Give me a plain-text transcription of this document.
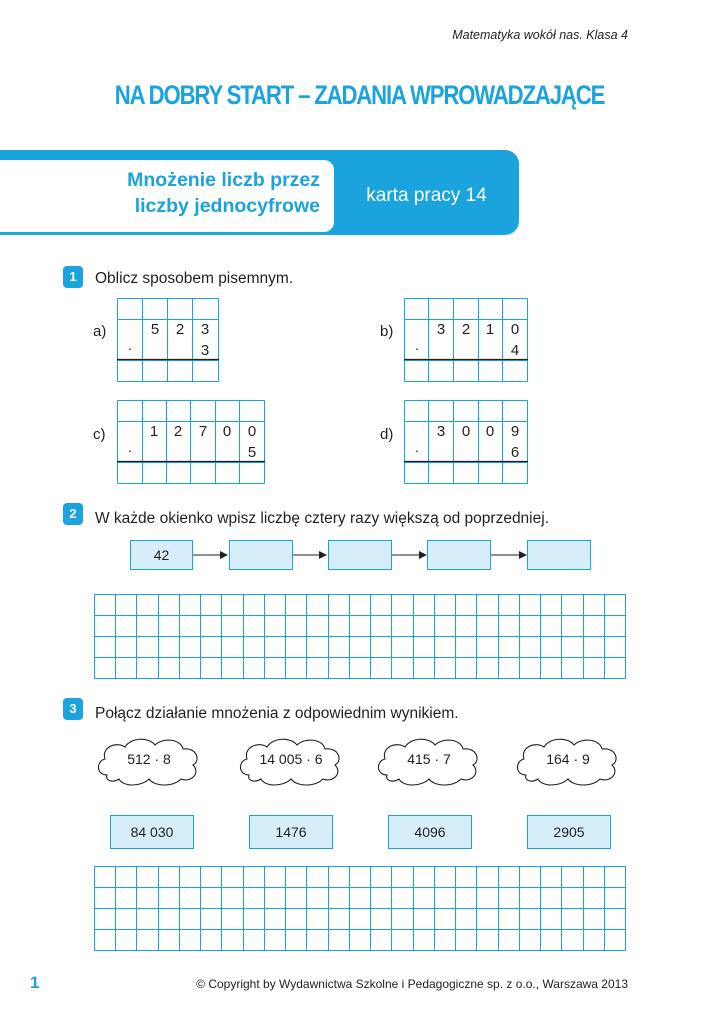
Matematyka wokół nas. Klasa 4
NA DOBRY START – ZADANIA WPROWADZAJĄCE
Mnożenie liczb przez
liczby jednocyfrowe	karta pracy 14
1	Oblicz sposobem pisemnym.
a)	5	2	3
·	3
b)	3	2	1	0
·	4
c)	1	2	7	0	0
·	5
d)	3	0	0	9
·	6
2	W każde okienko wpisz liczbę cztery razy większą od poprzedniej.
42
3	Połącz działanie mnożenia z odpowiednim wynikiem.
512 · 8	14 005 · 6	415 · 7	164 · 9
84 030	1476	4096	2905
1	© Copyright by Wydawnictwa Szkolne i Pedagogiczne sp. z o.o., Warszawa 2013
